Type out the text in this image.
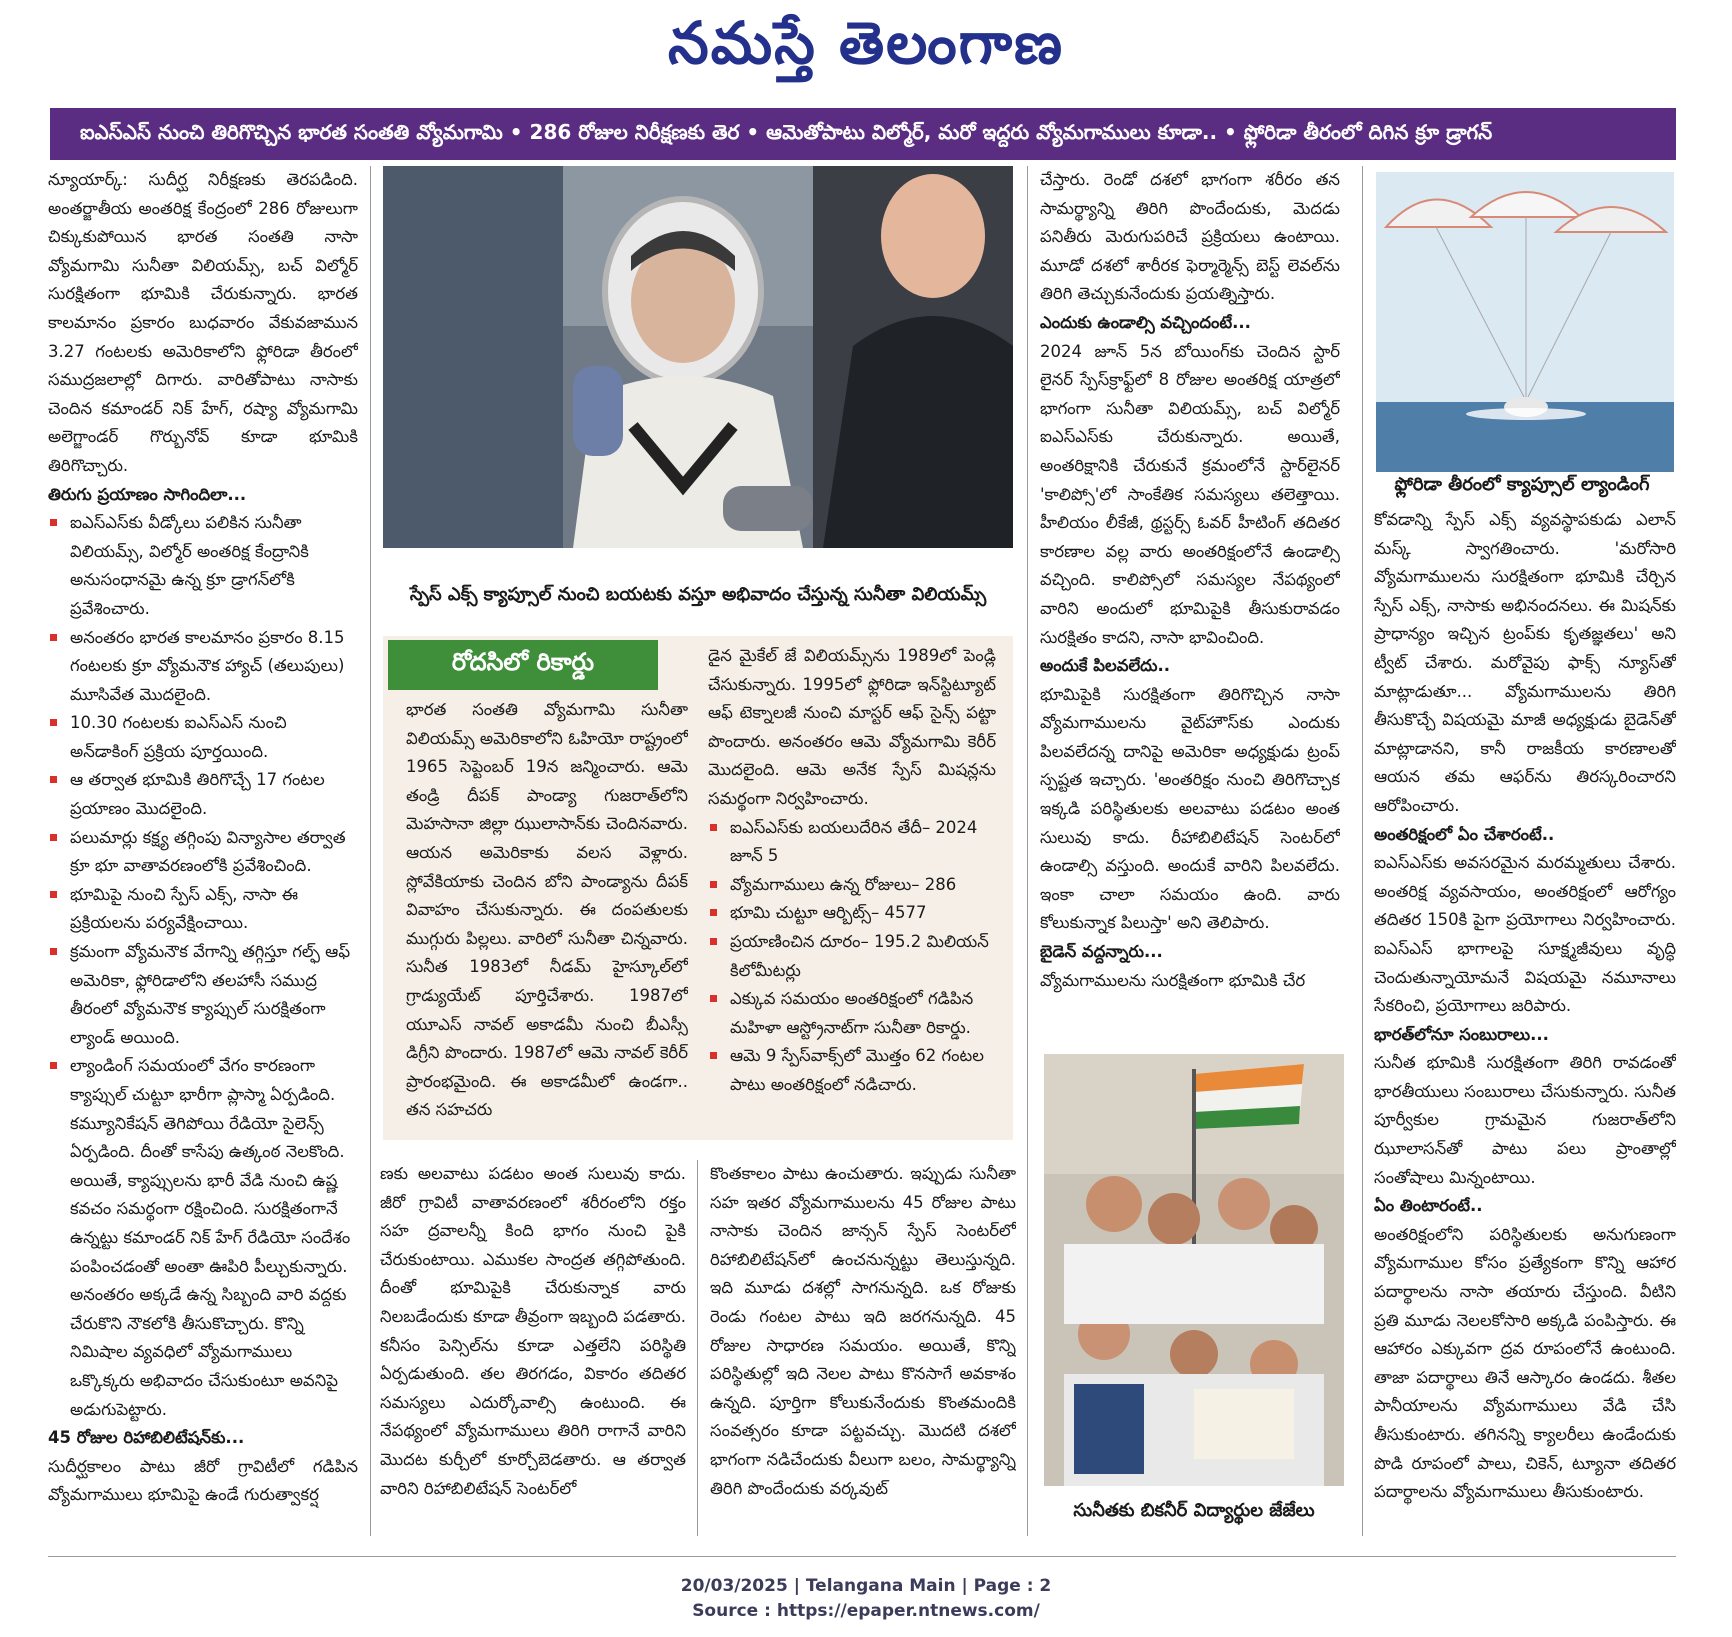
నమస్తే తెలంగాణ
ఐఎస్‌ఎస్ నుంచి తిరిగొచ్చిన భారత సంతతి వ్యోమగామి • 286 రోజుల నిరీక్షణకు తెర • ఆమెతోపాటు విల్మోర్, మరో ఇద్దరు వ్యోమగాములు కూడా.. • ఫ్లోరిడా తీరంలో దిగిన క్రూ డ్రాగన్

న్యూయార్క్: సుదీర్ఘ నిరీక్షణకు తెరపడింది. అంతర్జాతీయ అంతరిక్ష కేంద్రంలో 286 రోజులుగా చిక్కుకుపోయిన భారత సంతతి నాసా వ్యోమగామి సునీతా విలియమ్స్, బచ్ విల్మోర్ సురక్షితంగా భూమికి చేరుకున్నారు. భారత కాలమానం ప్రకారం బుధవారం వేకువజామున 3.27 గంటలకు అమెరికాలోని ఫ్లోరిడా తీరంలో సముద్రజలాల్లో దిగారు. వారితోపాటు నాసాకు చెందిన కమాండర్ నిక్ హేగ్, రష్యా వ్యోమగామి అలెగ్జాండర్ గొర్బునోవ్ కూడా భూమికి తిరిగొచ్చారు.

తిరుగు ప్రయాణం సాగిందిలా...

ఐఎస్‌ఎస్‌కు వీడ్కోలు పలికిన సునీతా విలియమ్స్, విల్మోర్ అంతరిక్ష కేంద్రానికి అనుసంధానమై ఉన్న క్రూ డ్రాగన్‌లోకి ప్రవేశించారు.
అనంతరం భారత కాలమానం ప్రకారం 8.15 గంటలకు క్రూ వ్యోమనౌక హ్యాచ్ (తలుపులు) మూసివేత మొదలైంది.
10.30 గంటలకు ఐఎస్‌ఎస్ నుంచి అన్‌డాకింగ్ ప్రక్రియ పూర్తయింది.
ఆ తర్వాత భూమికి తిరిగొచ్చే 17 గంటల ప్రయాణం మొదలైంది.
పలుమార్లు కక్ష్య తగ్గింపు విన్యాసాల తర్వాత క్రూ భూ వాతావరణంలోకి ప్రవేశించింది.
భూమిపై నుంచి స్పేస్ ఎక్స్, నాసా ఈ ప్రక్రియలను పర్యవేక్షించాయి.
క్రమంగా వ్యోమనౌక వేగాన్ని తగ్గిస్తూ గల్ఫ్ ఆఫ్ అమెరికా, ఫ్లోరిడాలోని తలహాసీ సముద్ర తీరంలో వ్యోమనౌక క్యాప్సుల్ సురక్షితంగా ల్యాండ్ అయింది.
ల్యాండింగ్ సమయంలో వేగం కారణంగా క్యాప్సుల్ చుట్టూ భారీగా ప్లాస్మా ఏర్పడింది. కమ్యూనికేషన్ తెగిపోయి రేడియో సైలెన్స్ ఏర్పడింది. దీంతో కాసేపు ఉత్కంఠ నెలకొంది. అయితే, క్యాప్సులను భారీ వేడి నుంచి ఉష్ణ కవచం సమర్థంగా రక్షించింది. సురక్షితంగానే ఉన్నట్టు కమాండర్ నిక్ హేగ్ రేడియో సందేశం పంపించడంతో అంతా ఊపిరి పీల్చుకున్నారు. అనంతరం అక్కడే ఉన్న సిబ్బంది వారి వద్దకు చేరుకొని నౌకలోకి తీసుకొచ్చారు. కొన్ని నిమిషాల వ్యవధిలో వ్యోమగాములు ఒక్కొక్కరు అభివాదం చేసుకుంటూ అవనిపై అడుగుపెట్టారు.

45 రోజుల రిహాబిలిటేషన్‌కు...

సుదీర్ఘకాలం పాటు జీరో గ్రావిటీలో గడిపిన వ్యోమగాములు భూమిపై ఉండే గురుత్వాకర్ష

స్పేస్ ఎక్స్ క్యాప్సూల్ నుంచి బయటకు వస్తూ అభివాదం చేస్తున్న సునీతా విలియమ్స్
రోదసిలో రికార్డు

భారత సంతతి వ్యోమగామి సునీతా విలియమ్స్ అమెరికాలోని ఓహియో రాష్ట్రంలో 1965 సెప్టెంబర్ 19న జన్మించారు. ఆమె తండ్రి దీపక్ పాండ్యా గుజరాత్‌లోని మెహసానా జిల్లా ఝులాసాన్‌కు చెందినవారు. ఆయన అమెరికాకు వలస వెళ్లారు. స్లోవేకియాకు చెందిన బోని పాండ్యాను దీపక్ వివాహం చేసుకున్నారు. ఈ దంపతులకు ముగ్గురు పిల్లలు. వారిలో సునీతా చిన్నవారు. సునీత 1983లో నీడమ్ హైస్కూల్‌లో గ్రాడ్యుయేట్ పూర్తిచేశారు. 1987లో యూఎస్ నావల్ అకాడమీ నుంచి బీఎస్సీ డిగ్రీని పొందారు. 1987లో ఆమె నావల్ కెరీర్ ప్రారంభమైంది. ఈ అకాడమీలో ఉండగా.. తన సహచరు

డైన మైకేల్ జే విలియమ్స్‌ను 1989లో పెండ్లి చేసుకున్నారు. 1995లో ఫ్లోరిడా ఇన్‌స్టిట్యూట్ ఆఫ్ టెక్నాలజీ నుంచి మాస్టర్ ఆఫ్ సైన్స్ పట్టా పొందారు. అనంతరం ఆమె వ్యోమగామి కెరీర్ మొదలైంది. ఆమె అనేక స్పేస్ మిషన్లను సమర్థంగా నిర్వహించారు.

ఐఎస్‌ఎస్‌కు బయలుదేరిన తేదీ– 2024 జూన్ 5
వ్యోమగాములు ఉన్న రోజులు– 286
భూమి చుట్టూ ఆర్బిట్స్– 4577
ప్రయాణించిన దూరం– 195.2 మిలియన్ కిలోమీటర్లు
ఎక్కువ సమయం అంతరిక్షంలో గడిపిన మహిళా ఆస్ట్రోనాట్‌గా సునీతా రికార్డు.
ఆమె 9 స్పేస్‌వాక్స్‌లో మొత్తం 62 గంటల పాటు అంతరిక్షంలో నడిచారు.

ణకు అలవాటు పడటం అంత సులువు కాదు. జీరో గ్రావిటీ వాతావరణంలో శరీరంలోని రక్తం సహ ద్రవాలన్నీ కింది భాగం నుంచి పైకి చేరుకుంటాయి. ఎముకల సాంద్రత తగ్గిపోతుంది. దీంతో భూమిపైకి చేరుకున్నాక వారు నిలబడేందుకు కూడా తీవ్రంగా ఇబ్బంది పడతారు. కనీసం పెన్సిల్‌ను కూడా ఎత్తలేని పరిస్థితి ఏర్పడుతుంది. తల తిరగడం, వికారం తదితర సమస్యలు ఎదుర్కోవాల్సి ఉంటుంది. ఈ నేపథ్యంలో వ్యోమగాములు తిరిగి రాగానే వారిని మొదట కుర్చీలో కూర్చోబెడతారు. ఆ తర్వాత వారిని రిహాబిలిటేషన్ సెంటర్‌లో

కొంతకాలం పాటు ఉంచుతారు. ఇప్పుడు సునీతా సహ ఇతర వ్యోమగాములను 45 రోజుల పాటు నాసాకు చెందిన జాన్సన్ స్పేస్ సెంటర్‌లో రిహాబిలిటేషన్‌లో ఉంచనున్నట్టు తెలుస్తున్నది. ఇది మూడు దశల్లో సాగనున్నది. ఒక రోజుకు రెండు గంటల పాటు ఇది జరగనున్నది. 45 రోజుల సాధారణ సమయం. అయితే, కొన్ని పరిస్థితుల్లో ఇది నెలల పాటు కొనసాగే అవకాశం ఉన్నది. పూర్తిగా కోలుకునేందుకు కొంతమందికి సంవత్సరం కూడా పట్టవచ్చు. మొదటి దశలో భాగంగా నడిచేందుకు వీలుగా బలం, సామర్థ్యాన్ని తిరిగి పొందేందుకు వర్కవుట్

చేస్తారు. రెండో దశలో భాగంగా శరీరం తన సామర్థ్యాన్ని తిరిగి పొందేందుకు, మెదడు పనితీరు మెరుగుపరిచే ప్రక్రియలు ఉంటాయి. మూడో దశలో శారీరక ఫెర్మార్మెన్స్ బెస్ట్ లెవల్‌ను తిరిగి తెచ్చుకునేందుకు ప్రయత్నిస్తారు.

ఎందుకు ఉండాల్సి వచ్చిందంటే...

2024 జూన్ 5న బోయింగ్‌కు చెందిన స్టార్ లైనర్ స్పేస్‌క్రాఫ్ట్‌లో 8 రోజుల అంతరిక్ష యాత్రలో భాగంగా సునీతా విలియమ్స్, బచ్ విల్మోర్ ఐఎస్‌ఎస్‌కు చేరుకున్నారు. అయితే, అంతరిక్షానికి చేరుకునే క్రమంలోనే స్టార్‌లైనర్ 'కాలిప్సో'లో సాంకేతిక సమస్యలు తలెత్తాయి. హీలియం లీకేజీ, థ్రస్టర్స్ ఓవర్ హీటింగ్ తదితర కారణాల వల్ల వారు అంతరిక్షంలోనే ఉండాల్సి వచ్చింది. కాలిప్సోలో సమస్యల నేపథ్యంలో వారిని అందులో భూమిపైకి తీసుకురావడం సురక్షితం కాదని, నాసా భావించింది.

అందుకే పిలవలేదు..

భూమిపైకి సురక్షితంగా తిరిగొచ్చిన నాసా వ్యోమగాములను వైట్‌హౌస్‌కు ఎందుకు పిలవలేదన్న దానిపై అమెరికా అధ్యక్షుడు ట్రంప్ స్పష్టత ఇచ్చారు. 'అంతరిక్షం నుంచి తిరిగొచ్చాక ఇక్కడి పరిస్థితులకు అలవాటు పడటం అంత సులువు కాదు. రీహాబిలిటేషన్ సెంటర్‌లో ఉండాల్సి వస్తుంది. అందుకే వారిని పిలవలేదు. ఇంకా చాలా సమయం ఉంది. వారు కోలుకున్నాక పిలుస్తా' అని తెలిపారు.

బైడెన్ వద్దన్నారు...

వ్యోమగాములను సురక్షితంగా భూమికి చేర

సునీతకు బికనీర్ విద్యార్థుల జేజేలు
ఫ్లోరిడా తీరంలో క్యాప్సూల్ ల్యాండింగ్

కోవడాన్ని స్పేస్ ఎక్స్ వ్యవస్థాపకుడు ఎలాన్ మస్క్ స్వాగతించారు. 'మరోసారి వ్యోమగాములను సురక్షితంగా భూమికి చేర్చిన స్పేస్ ఎక్స్, నాసాకు అభినందనలు. ఈ మిషన్‌కు ప్రాధాన్యం ఇచ్చిన ట్రంప్‌కు కృతజ్ఞతలు' అని ట్వీట్ చేశారు. మరోవైపు ఫాక్స్ న్యూస్‌తో మాట్లాడుతూ... వ్యోమగాములను తిరిగి తీసుకొచ్చే విషయమై మాజీ అధ్యక్షుడు బైడెన్‌తో మాట్లాడానని, కానీ రాజకీయ కారణాలతో ఆయన తమ ఆఫర్‌ను తిరస్కరించారని ఆరోపించారు.

అంతరిక్షంలో ఏం చేశారంటే..

ఐఎస్‌ఎస్‌కు అవసరమైన మరమ్మతులు చేశారు. అంతరిక్ష వ్యవసాయం, అంతరిక్షంలో ఆరోగ్యం తదితర 150కి పైగా ప్రయోగాలు నిర్వహించారు. ఐఎస్‌ఎస్ భాగాలపై సూక్ష్మజీవులు వృద్ధి చెందుతున్నాయోమనే విషయమై నమూనాలు సేకరించి, ప్రయోగాలు జరిపారు.

భారత్‌లోనూ సంబురాలు...

సునీత భూమికి సురక్షితంగా తిరిగి రావడంతో భారతీయులు సంబురాలు చేసుకున్నారు. సునీత పూర్వీకుల గ్రామమైన గుజరాత్‌లోని ఝూలాసన్‌తో పాటు పలు ప్రాంతాల్లో సంతోషాలు మిన్నంటాయి.

ఏం తింటారంటే..

అంతరిక్షంలోని పరిస్థితులకు అనుగుణంగా వ్యోమగాముల కోసం ప్రత్యేకంగా కొన్ని ఆహార పదార్థాలను నాసా తయారు చేస్తుంది. వీటిని ప్రతి మూడు నెలలకోసారి అక్కడి పంపిస్తారు. ఈ ఆహారం ఎక్కువగా ద్రవ రూపంలోనే ఉంటుంది. తాజా పదార్థాలు తినే ఆస్కారం ఉండదు. శీతల పానీయాలను వ్యోమగాములు వేడి చేసి తీసుకుంటారు. తగినన్ని క్యాలరీలు ఉండేందుకు పొడి రూపంలో పాలు, చికెన్, ట్యూనా తదితర పదార్థాలను వ్యోమగాములు తీసుకుంటారు.

20/03/2025 | Telangana Main | Page : 2
Source : https://epaper.ntnews.com/
